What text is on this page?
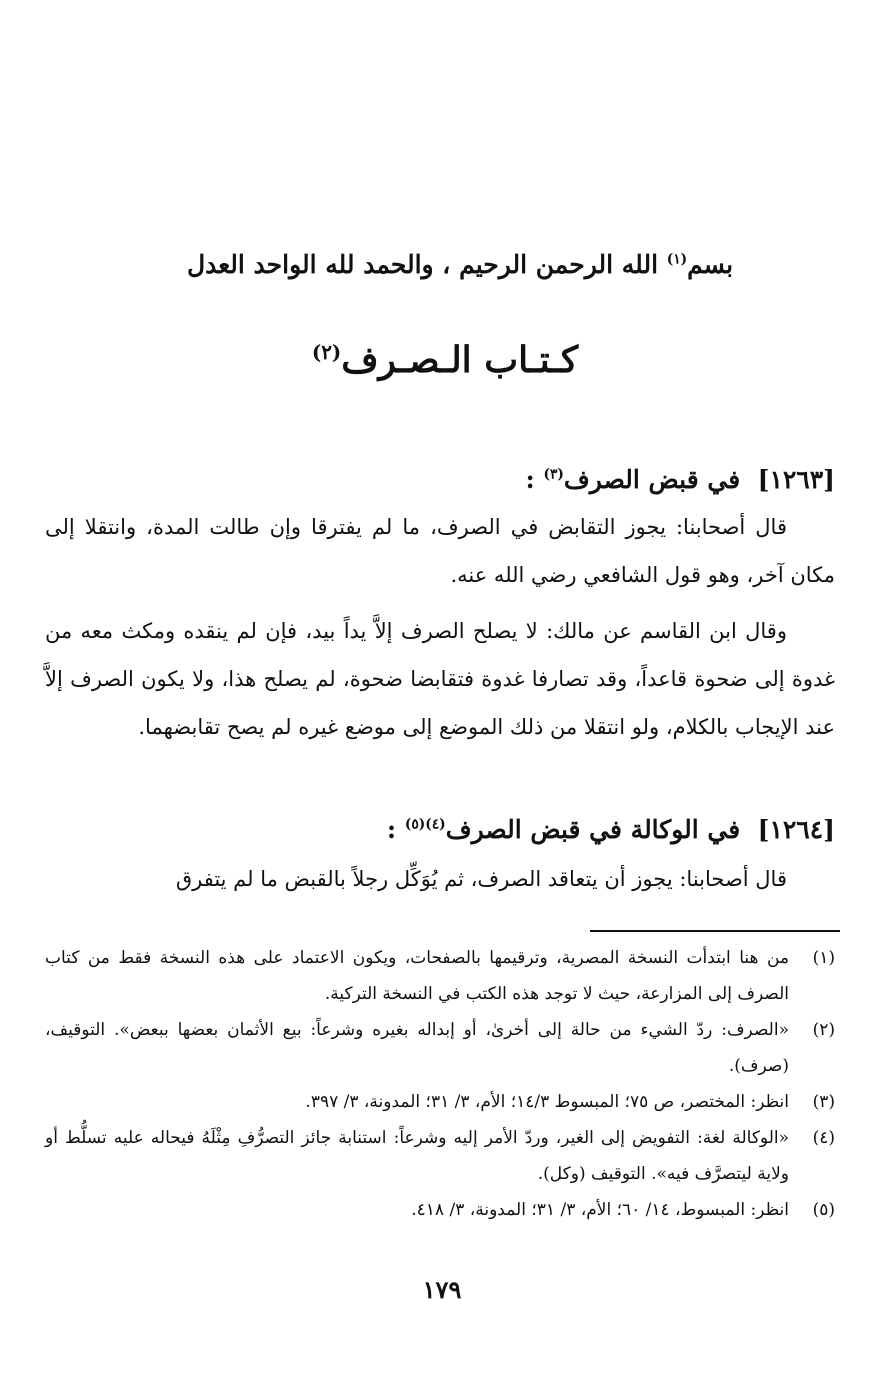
بسم$^{(١)}$ الله الرحمن الرحيم ، والحمد لله الواحد العدل
كـتـاب الـصـرف$^{(٢)}$
[١٢٦٣]  في قبض الصرف$^{(٣)}$ :
قال أصحابنا: يجوز التقابض في الصرف، ما لم يفترقا وإن طالت المدة، وانتقلا إلى مكان آخر، وهو قول الشافعي رضي الله عنه.
وقال ابن القاسم عن مالك: لا يصلح الصرف إلاَّ يداً بيد، فإن لم ينقده ومكث معه من غدوة إلى ضحوة قاعداً، وقد تصارفا غدوة فتقابضا ضحوة، لم يصلح هذا، ولا يكون الصرف إلاَّ عند الإيجاب بالكلام، ولو انتقلا من ذلك الموضع إلى موضع غيره لم يصح تقابضهما.
[١٢٦٤]  في الوكالة في قبض الصرف$^{(٤)(٥)}$ :
قال أصحابنا: يجوز أن يتعاقد الصرف، ثم يُوَكِّل رجلاً بالقبض ما لم يتفرق
(١)
من هنا ابتدأت النسخة المصرية، وترقيمها بالصفحات، ويكون الاعتماد على هذه النسخة فقط من كتاب الصرف إلى المزارعة، حيث لا توجد هذه الكتب في النسخة التركية.
(٢)
«الصرف: ردّ الشيء من حالة إلى أخرىٰ، أو إبداله بغيره وشرعاً: بيع الأثمان بعضها ببعض». التوقيف، (صرف).
(٣)
انظر: المختصر، ص ٧٥؛ المبسوط ١٤/٣؛ الأم، ٣/ ٣١؛ المدونة، ٣/ ٣٩٧.
(٤)
«الوكالة لغة: التفويض إلى الغير، وردّ الأمر إليه وشرعاً: استنابة جائز التصرُّفِ مِثْلَهُ فيحاله عليه تسلُّط أو ولاية ليتصرَّف فيه». التوقيف (وكل).
(٥)
انظر: المبسوط، ١٤/ ٦٠؛ الأم، ٣/ ٣١؛ المدونة، ٣/ ٤١٨.
١٧٩
